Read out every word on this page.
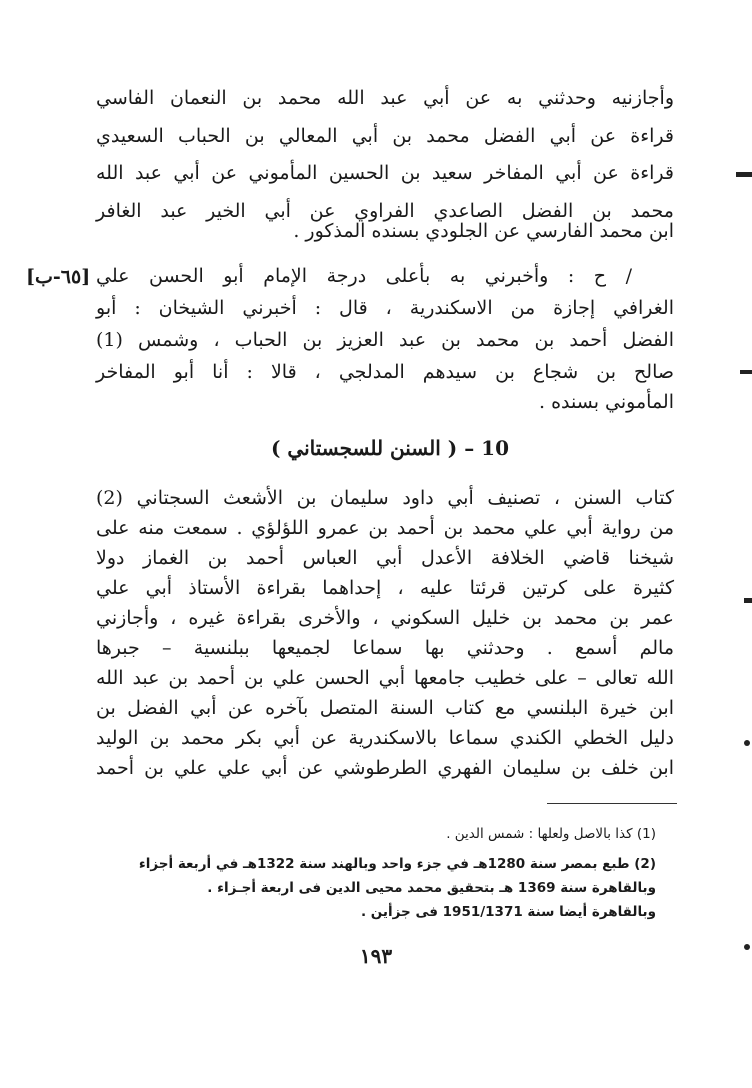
وأجازنيه وحدثني به عن أبي عبد الله محمد بن النعمان الفاسي
قراءة عن أبي الفضل محمد بن أبي المعالي بن الحباب السعيدي
قراءة عن أبي المفاخر سعيد بن الحسين المأموني عن أبي عبد الله
محمد بن الفضل الصاعدي الفراوي عن أبي الخير عبد الغافر
ابن محمد الفارسي عن الجلودي بسنده المذكور .
[٦٥-ب] / ح : وأخبرني به بأعلى درجة الإمام أبو الحسن علي
الغرافي إجازة من الاسكندرية ، قال : أخبرني الشيخان : أبو
الفضل أحمد بن محمد بن عبد العزيز بن الحباب ، وشمس (1)
صالح بن شجاع بن سيدهم المدلجي ، قالا : أنا أبو المفاخر
المأموني بسنده .
10 – ( السنن للسجستاني )
كتاب السنن ، تصنيف أبي داود سليمان بن الأشعث السجتاني (2)
من رواية أبي علي محمد بن أحمد بن عمرو اللؤلؤي . سمعت منه على
شيخنا قاضي الخلافة الأعدل أبي العباس أحمد بن الغماز دولا
كثيرة على كرتين قرئتا عليه ، إحداهما بقراءة الأستاذ أبي علي
عمر بن محمد بن خليل السكوني ، والأخرى بقراءة غيره ، وأجازني
مالم أسمع . وحدثني بها سماعا لجميعها ببلنسية – جبرها
الله تعالى – على خطيب جامعها أبي الحسن علي بن أحمد بن عبد الله
ابن خيرة البلنسي مع كتاب السنة المتصل بآخره عن أبي الفضل بن
دليل الخطي الكندي سماعا بالاسكندرية عن أبي بكر محمد بن الوليد
ابن خلف بن سليمان الفهري الطرطوشي عن أبي علي علي بن أحمد
(1) كذا بالاصل ولعلها : شمس الدين .
(2) طبع بمصر سنة 1280هـ في جزء واحد وبالهند سنة 1322هـ في أربعة أجزاء
وبالقاهرة سنة 1369 هـ بتحقيق محمد محيى الدين فى اربعة أجـزاء .
وبالقاهرة أيضا سنة 1951/1371 فى جزأين .
١٩٣
